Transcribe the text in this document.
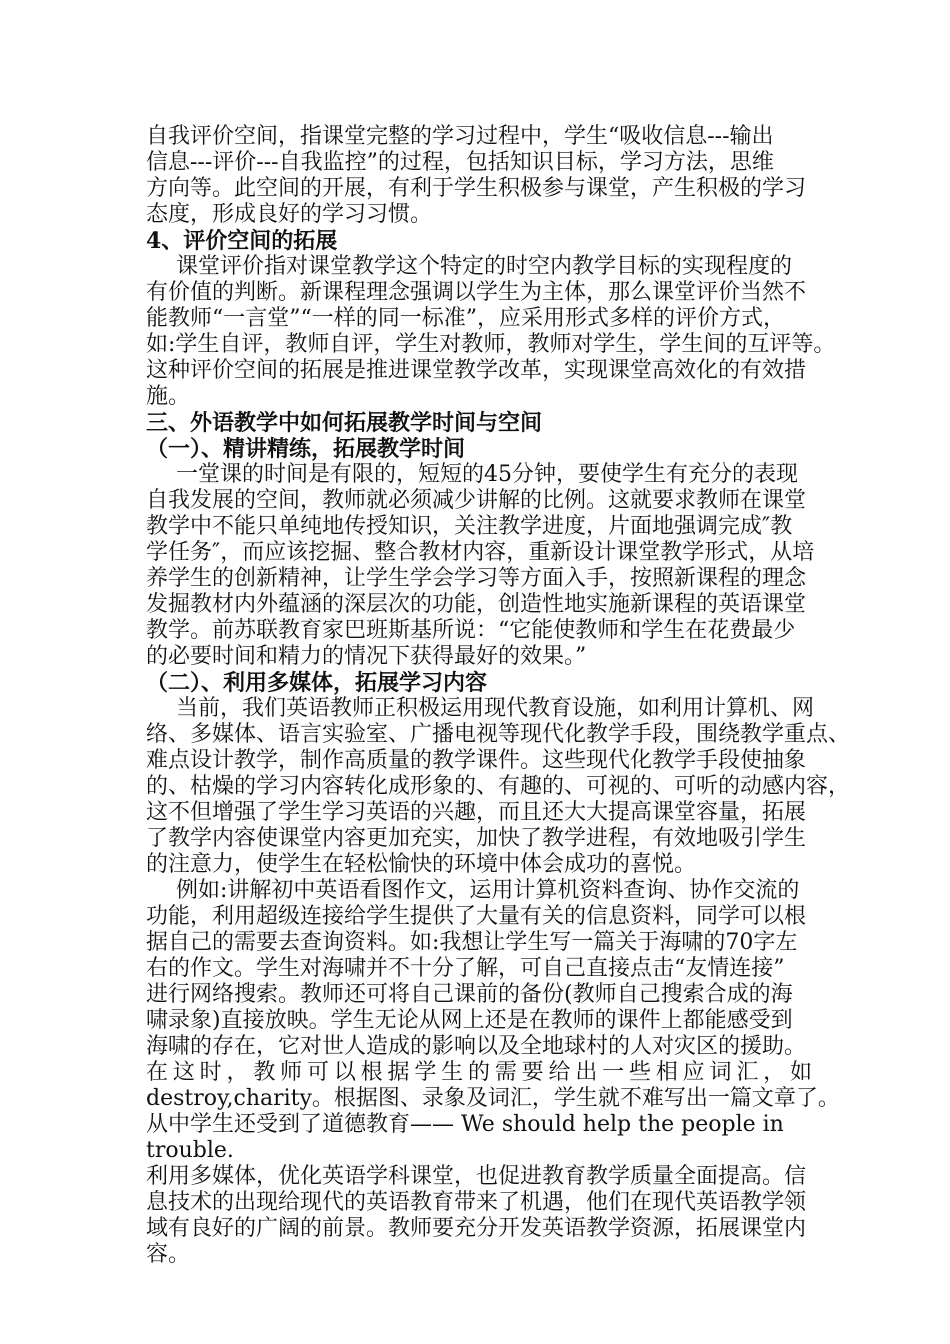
自我评价空间，指课堂完整的学习过程中，学生“吸收信息---输出
信息---评价---自我监控”的过程，包括知识目标，学习方法，思维
方向等。此空间的开展，有利于学生积极参与课堂，产生积极的学习
态度，形成良好的学习习惯。
4、评价空间的拓展
课堂评价指对课堂教学这个特定的时空内教学目标的实现程度的
有价值的判断。新课程理念强调以学生为主体，那么课堂评价当然不
能教师“一言堂”“一样的同一标准”，应采用形式多样的评价方式，
如:学生自评，教师自评，学生对教师，教师对学生，学生间的互评等。
这种评价空间的拓展是推进课堂教学改革，实现课堂高效化的有效措
施。
三、外语教学中如何拓展教学时间与空间
（一）、精讲精练，拓展教学时间
一堂课的时间是有限的，短短的45分钟，要使学生有充分的表现
自我发展的空间，教师就必须减少讲解的比例。这就要求教师在课堂
教学中不能只单纯地传授知识，关注教学进度，片面地强调完成″教
学任务″，而应该挖掘、整合教材内容，重新设计课堂教学形式，从培
养学生的创新精神，让学生学会学习等方面入手，按照新课程的理念
发掘教材内外蕴涵的深层次的功能，创造性地实施新课程的英语课堂
教学。前苏联教育家巴班斯基所说：“它能使教师和学生在花费最少
的必要时间和精力的情况下获得最好的效果。”
（二）、利用多媒体，拓展学习内容
当前，我们英语教师正积极运用现代教育设施，如利用计算机、网
络、多媒体、语言实验室、广播电视等现代化教学手段，围绕教学重点、
难点设计教学，制作高质量的教学课件。这些现代化教学手段使抽象
的、枯燥的学习内容转化成形象的、有趣的、可视的、可听的动感内容，
这不但增强了学生学习英语的兴趣，而且还大大提高课堂容量，拓展
了教学内容使课堂内容更加充实，加快了教学进程，有效地吸引学生
的注意力，使学生在轻松愉快的环境中体会成功的喜悦。
例如:讲解初中英语看图作文，运用计算机资料查询、协作交流的
功能，利用超级连接给学生提供了大量有关的信息资料，同学可以根
据自己的需要去查询资料。如:我想让学生写一篇关于海啸的70字左
右的作文。学生对海啸并不十分了解，可自己直接点击“友情连接”
进行网络搜索。教师还可将自己课前的备份(教师自己搜索合成的海
啸录象)直接放映。学生无论从网上还是在教师的课件上都能感受到
海啸的存在，它对世人造成的影响以及全地球村的人对灾区的援助。
在这时，教师可以根据学生的需要给出一些相应词汇，如
destroy,charity。根据图、录象及词汇，学生就不难写出一篇文章了。
从中学生还受到了道德教育—— We should help the people in
trouble.
利用多媒体，优化英语学科课堂，也促进教育教学质量全面提高。信
息技术的出现给现代的英语教育带来了机遇，他们在现代英语教学领
域有良好的广阔的前景。教师要充分开发英语教学资源，拓展课堂内
容。
